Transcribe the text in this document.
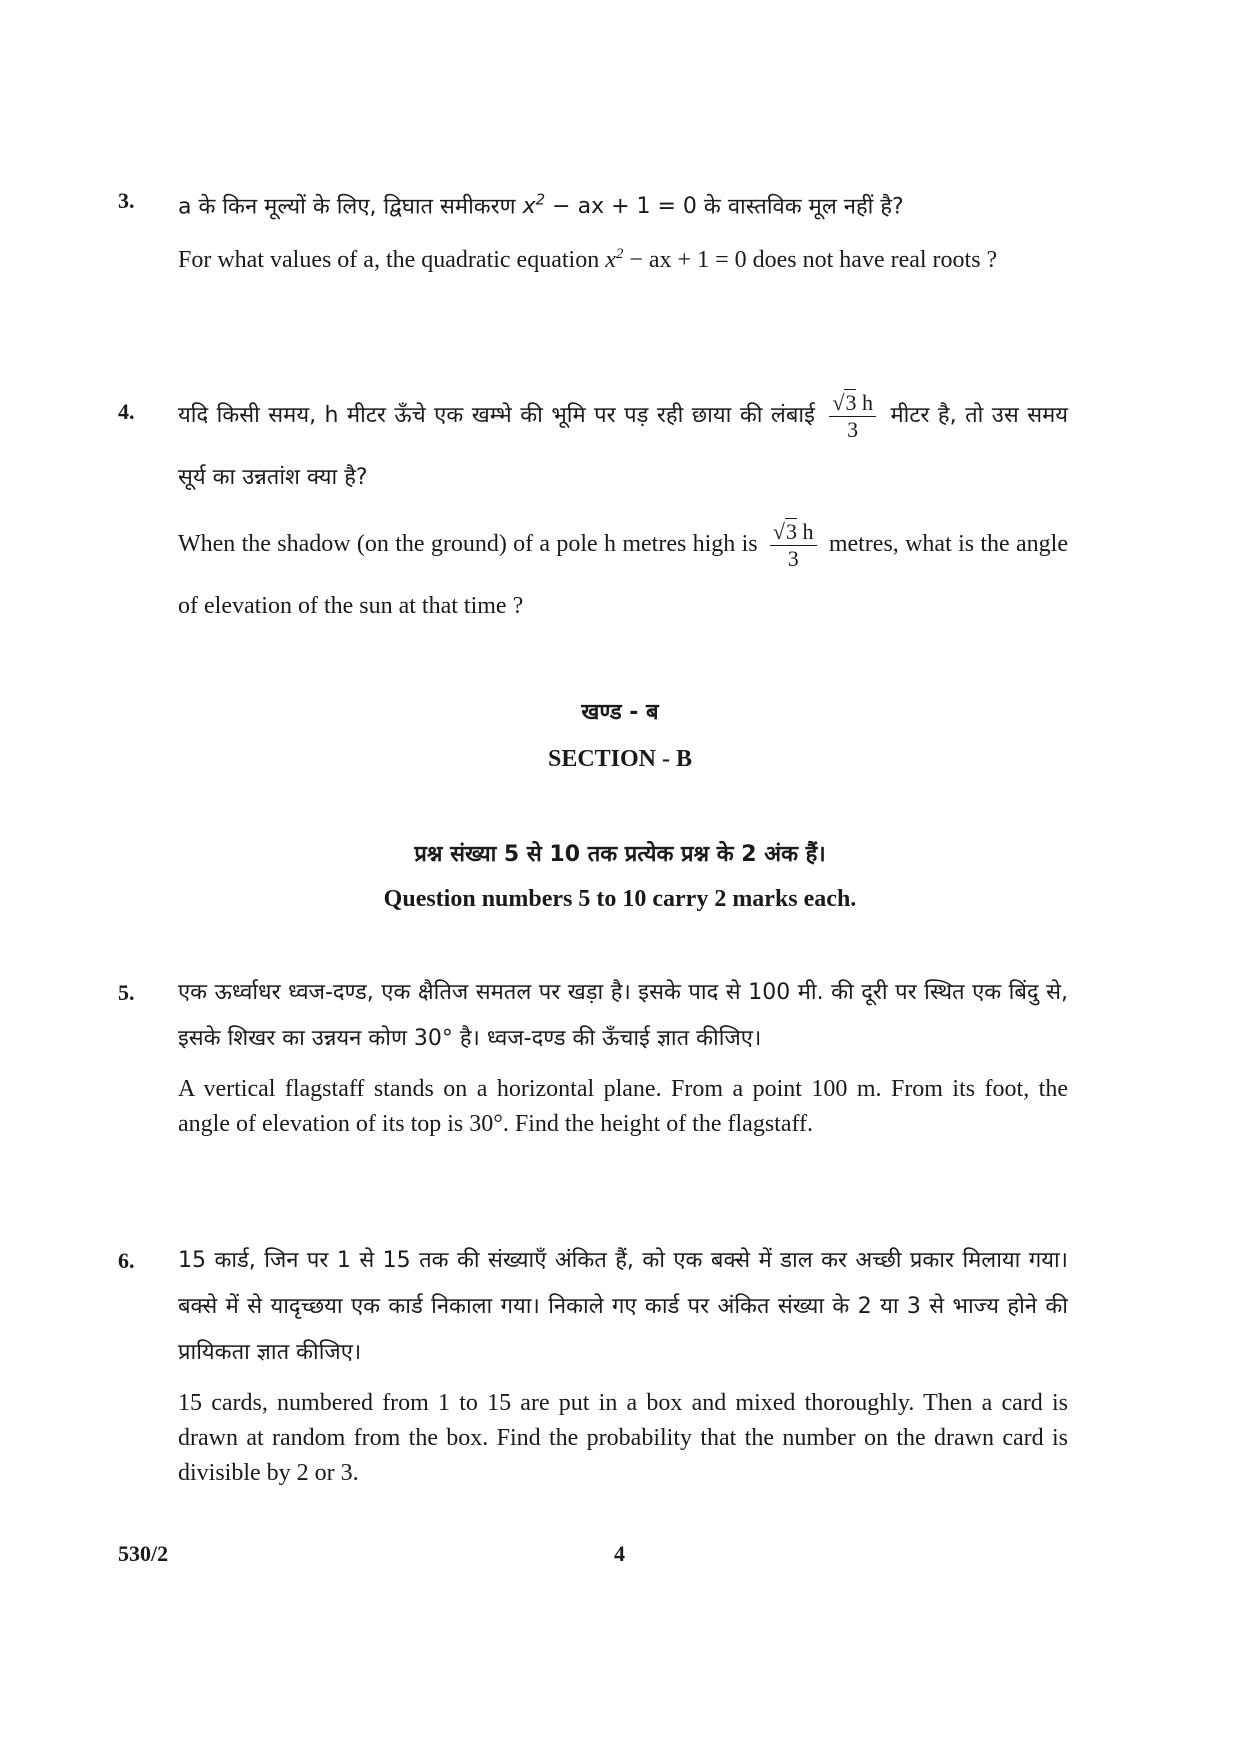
3. a के किन मूल्यों के लिए, द्विघात समीकरण $x^2$ − ax + 1 = 0 के वास्तविक मूल नहीं है?

For what values of a, the quadratic equation $x^2$ − ax + 1 = 0 does not have real roots ?

4. यदि किसी समय, h मीटर ऊँचे एक खम्भे की भूमि पर पड़ रही छाया की लंबाई $\frac{√3 h}{3}$ मीटर है, तो उस समय सूर्य का उन्नतांश क्या है?

When the shadow (on the ground) of a pole h metres high is $\frac{√3 h}{3}$ metres, what is the angle of elevation of the sun at that time ?

खण्ड - ब
SECTION - B
प्रश्न संख्या 5 से 10 तक प्रत्येक प्रश्न के 2 अंक हैं।
Question numbers 5 to 10 carry 2 marks each.
5. एक ऊर्ध्वाधर ध्वज-दण्ड, एक क्षैतिज समतल पर खड़ा है। इसके पाद से 100 मी. की दूरी पर स्थित एक बिंदु से, इसके शिखर का उन्नयन कोण 30° है। ध्वज-दण्ड की ऊँचाई ज्ञात कीजिए।

A vertical flagstaff stands on a horizontal plane. From a point 100 m. From its foot, the angle of elevation of its top is 30°. Find the height of the flagstaff.

6. 15 कार्ड, जिन पर 1 से 15 तक की संख्याएँ अंकित हैं, को एक बक्से में डाल कर अच्छी प्रकार मिलाया गया। बक्से में से यादृच्छया एक कार्ड निकाला गया। निकाले गए कार्ड पर अंकित संख्या के 2 या 3 से भाज्य होने की प्रायिकता ज्ञात कीजिए।

15 cards, numbered from 1 to 15 are put in a box and mixed thoroughly. Then a card is drawn at random from the box. Find the probability that the number on the drawn card is divisible by 2 or 3.

530/2	4
